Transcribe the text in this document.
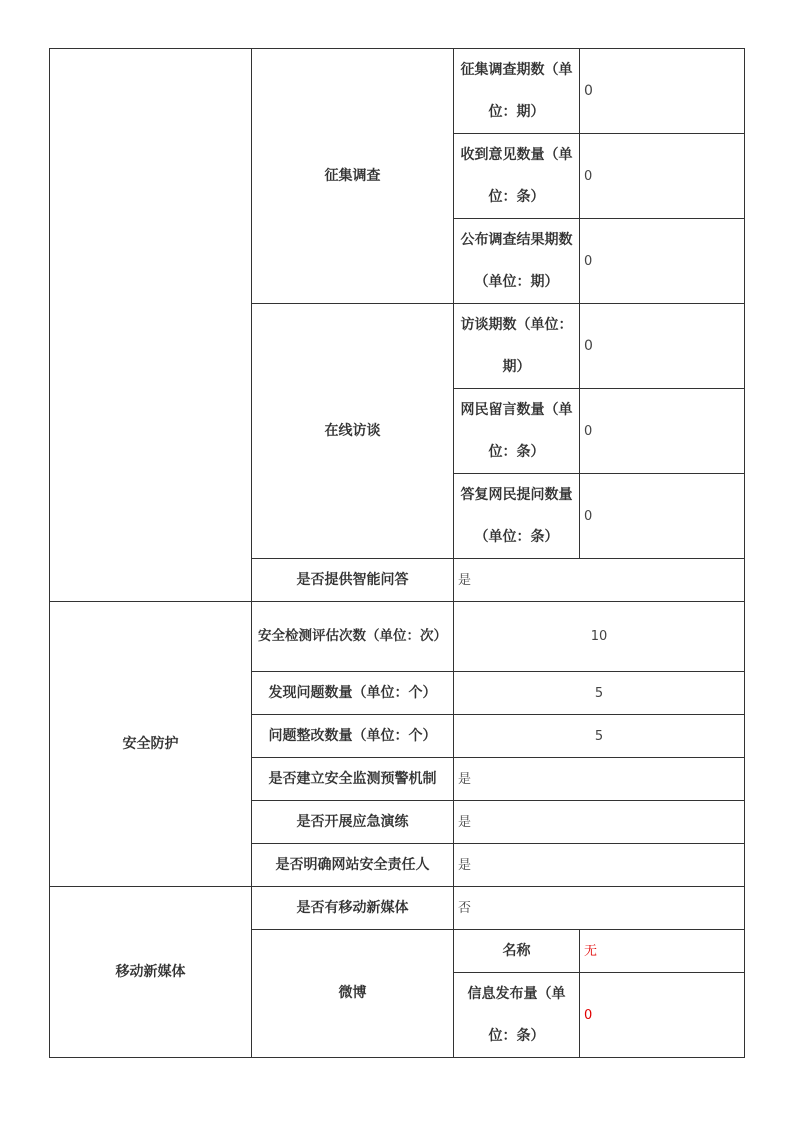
	征集调查	征集调查期数（单位：期）	0
		收到意见数量（单位：条）	0
		公布调查结果期数（单位：期）	0
	在线访谈	访谈期数（单位：期）	0
		网民留言数量（单位：条）	0
		答复网民提问数量（单位：条）	0
	是否提供智能问答	是	
安全防护	安全检测评估次数（单位：次）	10	
	发现问题数量（单位：个）	5	
	问题整改数量（单位：个）	5	
	是否建立安全监测预警机制	是	
	是否开展应急演练	是	
	是否明确网站安全责任人	是	
移动新媒体	是否有移动新媒体	否	
	微博	名称	无
		信息发布量（单位：条）	0
